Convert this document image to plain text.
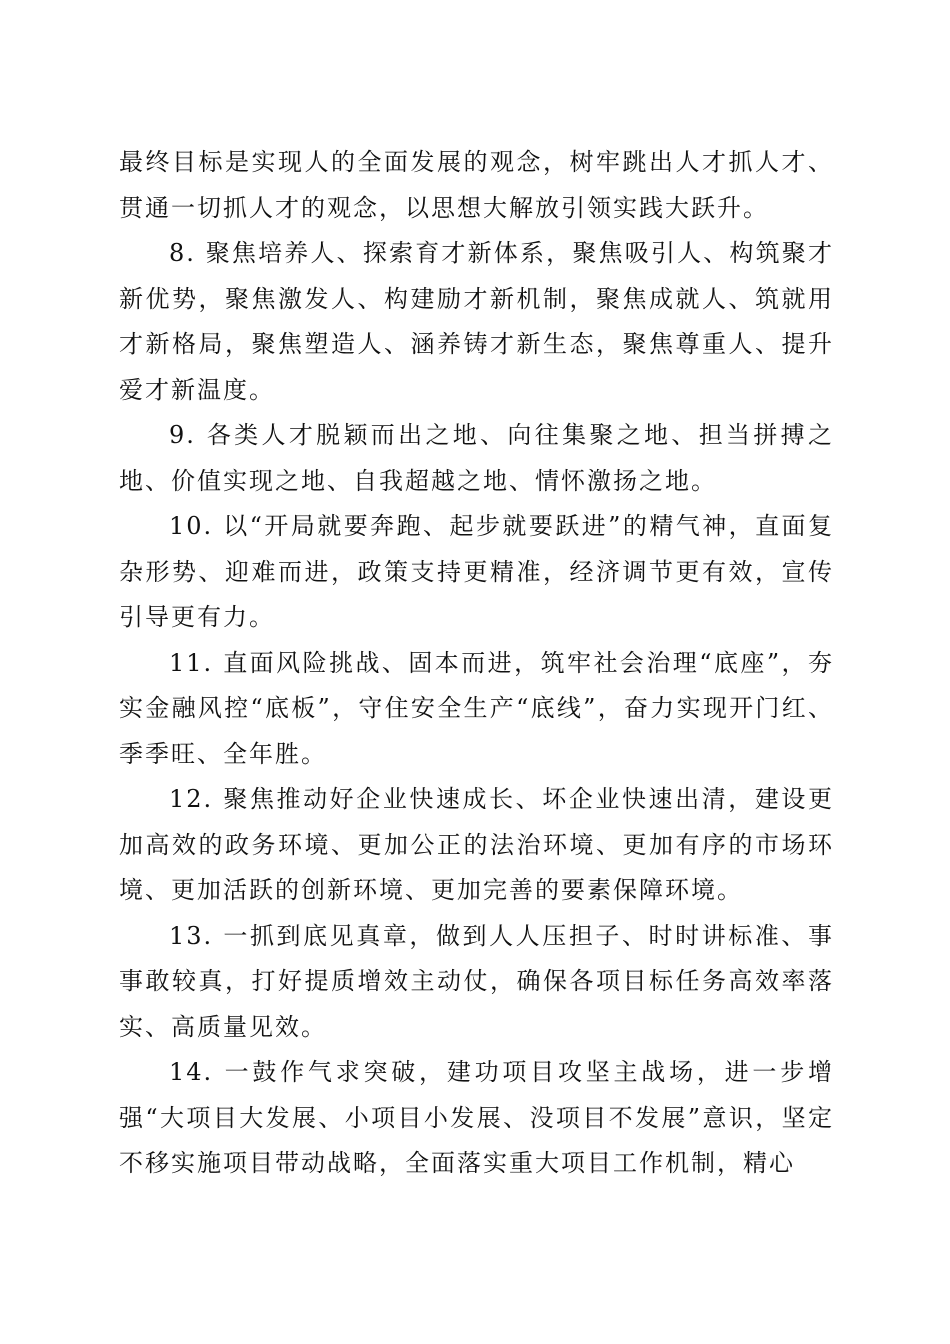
最终目标是实现人的全面发展的观念，树牢跳出人才抓人才、贯通一切抓人才的观念，以思想大解放引领实践大跃升。

8. 聚焦培养人、探索育才新体系，聚焦吸引人、构筑聚才新优势，聚焦激发人、构建励才新机制，聚焦成就人、筑就用才新格局，聚焦塑造人、涵养铸才新生态，聚焦尊重人、提升爱才新温度。

9. 各类人才脱颖而出之地、向往集聚之地、担当拼搏之地、价值实现之地、自我超越之地、情怀激扬之地。

10. 以“开局就要奔跑、起步就要跃进”的精气神，直面复杂形势、迎难而进，政策支持更精准，经济调节更有效，宣传引导更有力。

11. 直面风险挑战、固本而进，筑牢社会治理“底座”，夯实金融风控“底板”，守住安全生产“底线”，奋力实现开门红、季季旺、全年胜。

12. 聚焦推动好企业快速成长、坏企业快速出清，建设更加高效的政务环境、更加公正的法治环境、更加有序的市场环境、更加活跃的创新环境、更加完善的要素保障环境。

13. 一抓到底见真章，做到人人压担子、时时讲标准、事事敢较真，打好提质增效主动仗，确保各项目标任务高效率落实、高质量见效。

14. 一鼓作气求突破，建功项目攻坚主战场，进一步增强“大项目大发展、小项目小发展、没项目不发展”意识，坚定不移实施项目带动战略，全面落实重大项目工作机制，精心
